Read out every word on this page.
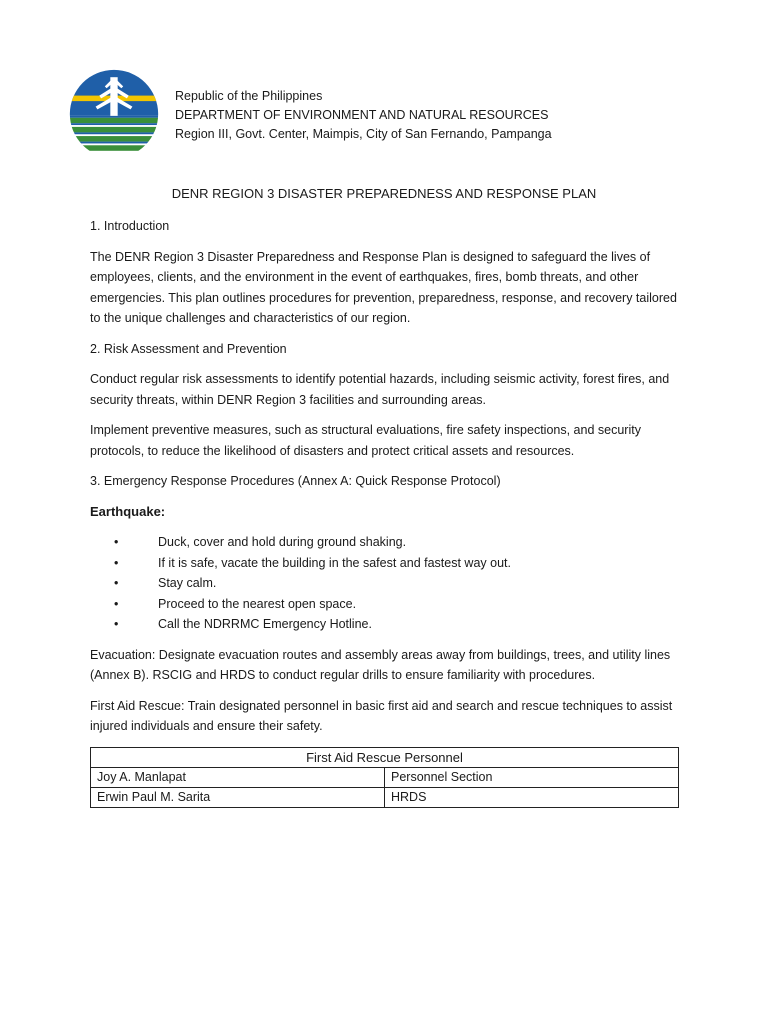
Republic of the Philippines
DEPARTMENT OF ENVIRONMENT AND NATURAL RESOURCES
Region III, Govt. Center, Maimpis, City of San Fernando, Pampanga
DENR REGION 3 DISASTER PREPAREDNESS AND RESPONSE PLAN

1. Introduction

The DENR Region 3 Disaster Preparedness and Response Plan is designed to safeguard the lives of employees, clients, and the environment in the event of earthquakes, fires, bomb threats, and other emergencies. This plan outlines procedures for prevention, preparedness, response, and recovery tailored to the unique challenges and characteristics of our region.

2. Risk Assessment and Prevention

Conduct regular risk assessments to identify potential hazards, including seismic activity, forest fires, and security threats, within DENR Region 3 facilities and surrounding areas.

Implement preventive measures, such as structural evaluations, fire safety inspections, and security protocols, to reduce the likelihood of disasters and protect critical assets and resources.

3. Emergency Response Procedures (Annex A: Quick Response Protocol)

Earthquake:
•	Duck, cover and hold during ground shaking.
•	If it is safe, vacate the building in the safest and fastest way out.
•	Stay calm.
•	Proceed to the nearest open space.
•	Call the NDRRMC Emergency Hotline.

Evacuation: Designate evacuation routes and assembly areas away from buildings, trees, and utility lines (Annex B). RSCIG and HRDS to conduct regular drills to ensure familiarity with procedures.

First Aid Rescue: Train designated personnel in basic first aid and search and rescue techniques to assist injured individuals and ensure their safety.

First Aid Rescue Personnel	
Joy A. Manlapat	Personnel Section
Erwin Paul M. Sarita	HRDS
